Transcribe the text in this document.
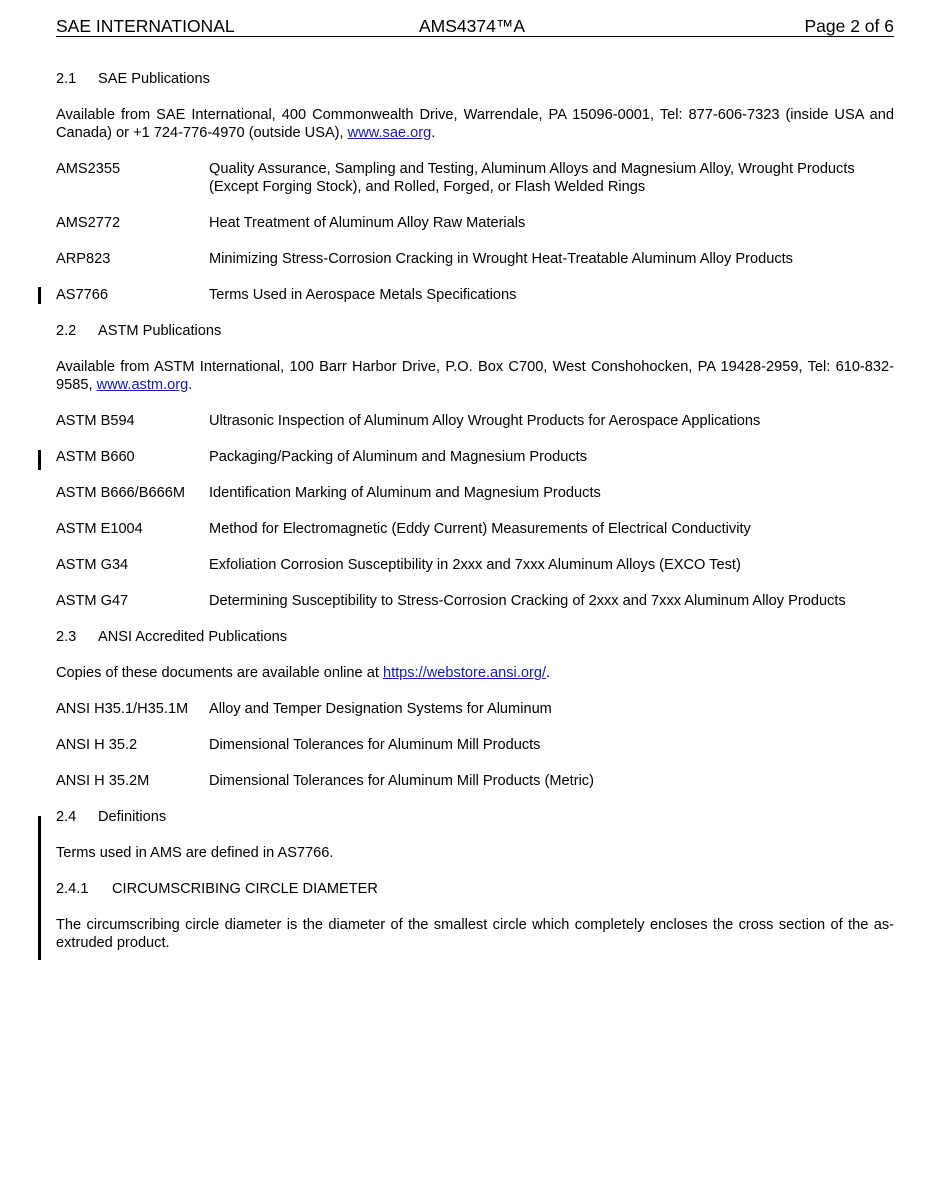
SAE INTERNATIONAL	AMS4374™A	Page 2 of 6
2.1 SAE Publications
Available from SAE International, 400 Commonwealth Drive, Warrendale, PA 15096-0001, Tel: 877-606-7323 (inside USA and Canada) or +1 724-776-4970 (outside USA), www.sae.org.
AMS2355	Quality Assurance, Sampling and Testing, Aluminum Alloys and Magnesium Alloy, Wrought Products (Except Forging Stock), and Rolled, Forged, or Flash Welded Rings
AMS2772	Heat Treatment of Aluminum Alloy Raw Materials
ARP823	Minimizing Stress-Corrosion Cracking in Wrought Heat-Treatable Aluminum Alloy Products
AS7766	Terms Used in Aerospace Metals Specifications
2.2 ASTM Publications
Available from ASTM International, 100 Barr Harbor Drive, P.O. Box C700, West Conshohocken, PA 19428-2959, Tel: 610-832-9585, www.astm.org.
ASTM B594	Ultrasonic Inspection of Aluminum Alloy Wrought Products for Aerospace Applications
ASTM B660	Packaging/Packing of Aluminum and Magnesium Products
ASTM B666/B666M	Identification Marking of Aluminum and Magnesium Products
ASTM E1004	Method for Electromagnetic (Eddy Current) Measurements of Electrical Conductivity
ASTM G34	Exfoliation Corrosion Susceptibility in 2xxx and 7xxx Aluminum Alloys (EXCO Test)
ASTM G47	Determining Susceptibility to Stress-Corrosion Cracking of 2xxx and 7xxx Aluminum Alloy Products
2.3 ANSI Accredited Publications
Copies of these documents are available online at https://webstore.ansi.org/.
ANSI H35.1/H35.1M	Alloy and Temper Designation Systems for Aluminum
ANSI H 35.2	Dimensional Tolerances for Aluminum Mill Products
ANSI H 35.2M	Dimensional Tolerances for Aluminum Mill Products (Metric)
2.4 Definitions
Terms used in AMS are defined in AS7766.
2.4.1 CIRCUMSCRIBING CIRCLE DIAMETER
The circumscribing circle diameter is the diameter of the smallest circle which completely encloses the cross section of the as-extruded product.
